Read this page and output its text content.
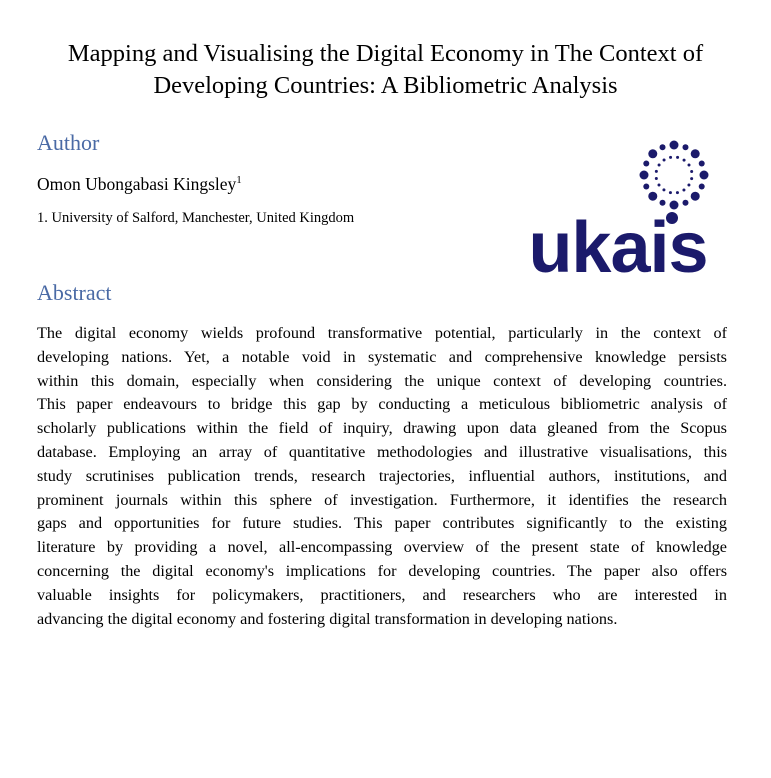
Mapping and Visualising the Digital Economy in The Context of
Developing Countries: A Bibliometric Analysis
Author
Omon Ubongabasi Kingsley$^1$
1. University of Salford, Manchester, United Kingdom ukais
Abstract
The digital economy wields profound transformative potential, particularly in the context of
developing nations. Yet, a notable void in systematic and comprehensive knowledge persists
within this domain, especially when considering the unique context of developing countries.
This paper endeavours to bridge this gap by conducting a meticulous bibliometric analysis of
scholarly publications within the field of inquiry, drawing upon data gleaned from the Scopus
database. Employing an array of quantitative methodologies and illustrative visualisations, this
study scrutinises publication trends, research trajectories, influential authors, institutions, and
prominent journals within this sphere of investigation. Furthermore, it identifies the research
gaps and opportunities for future studies. This paper contributes significantly to the existing
literature by providing a novel, all-encompassing overview of the present state of knowledge
concerning the digital economy's implications for developing countries. The paper also offers
valuable insights for policymakers, practitioners, and researchers who are interested in
advancing the digital economy and fostering digital transformation in developing nations.
